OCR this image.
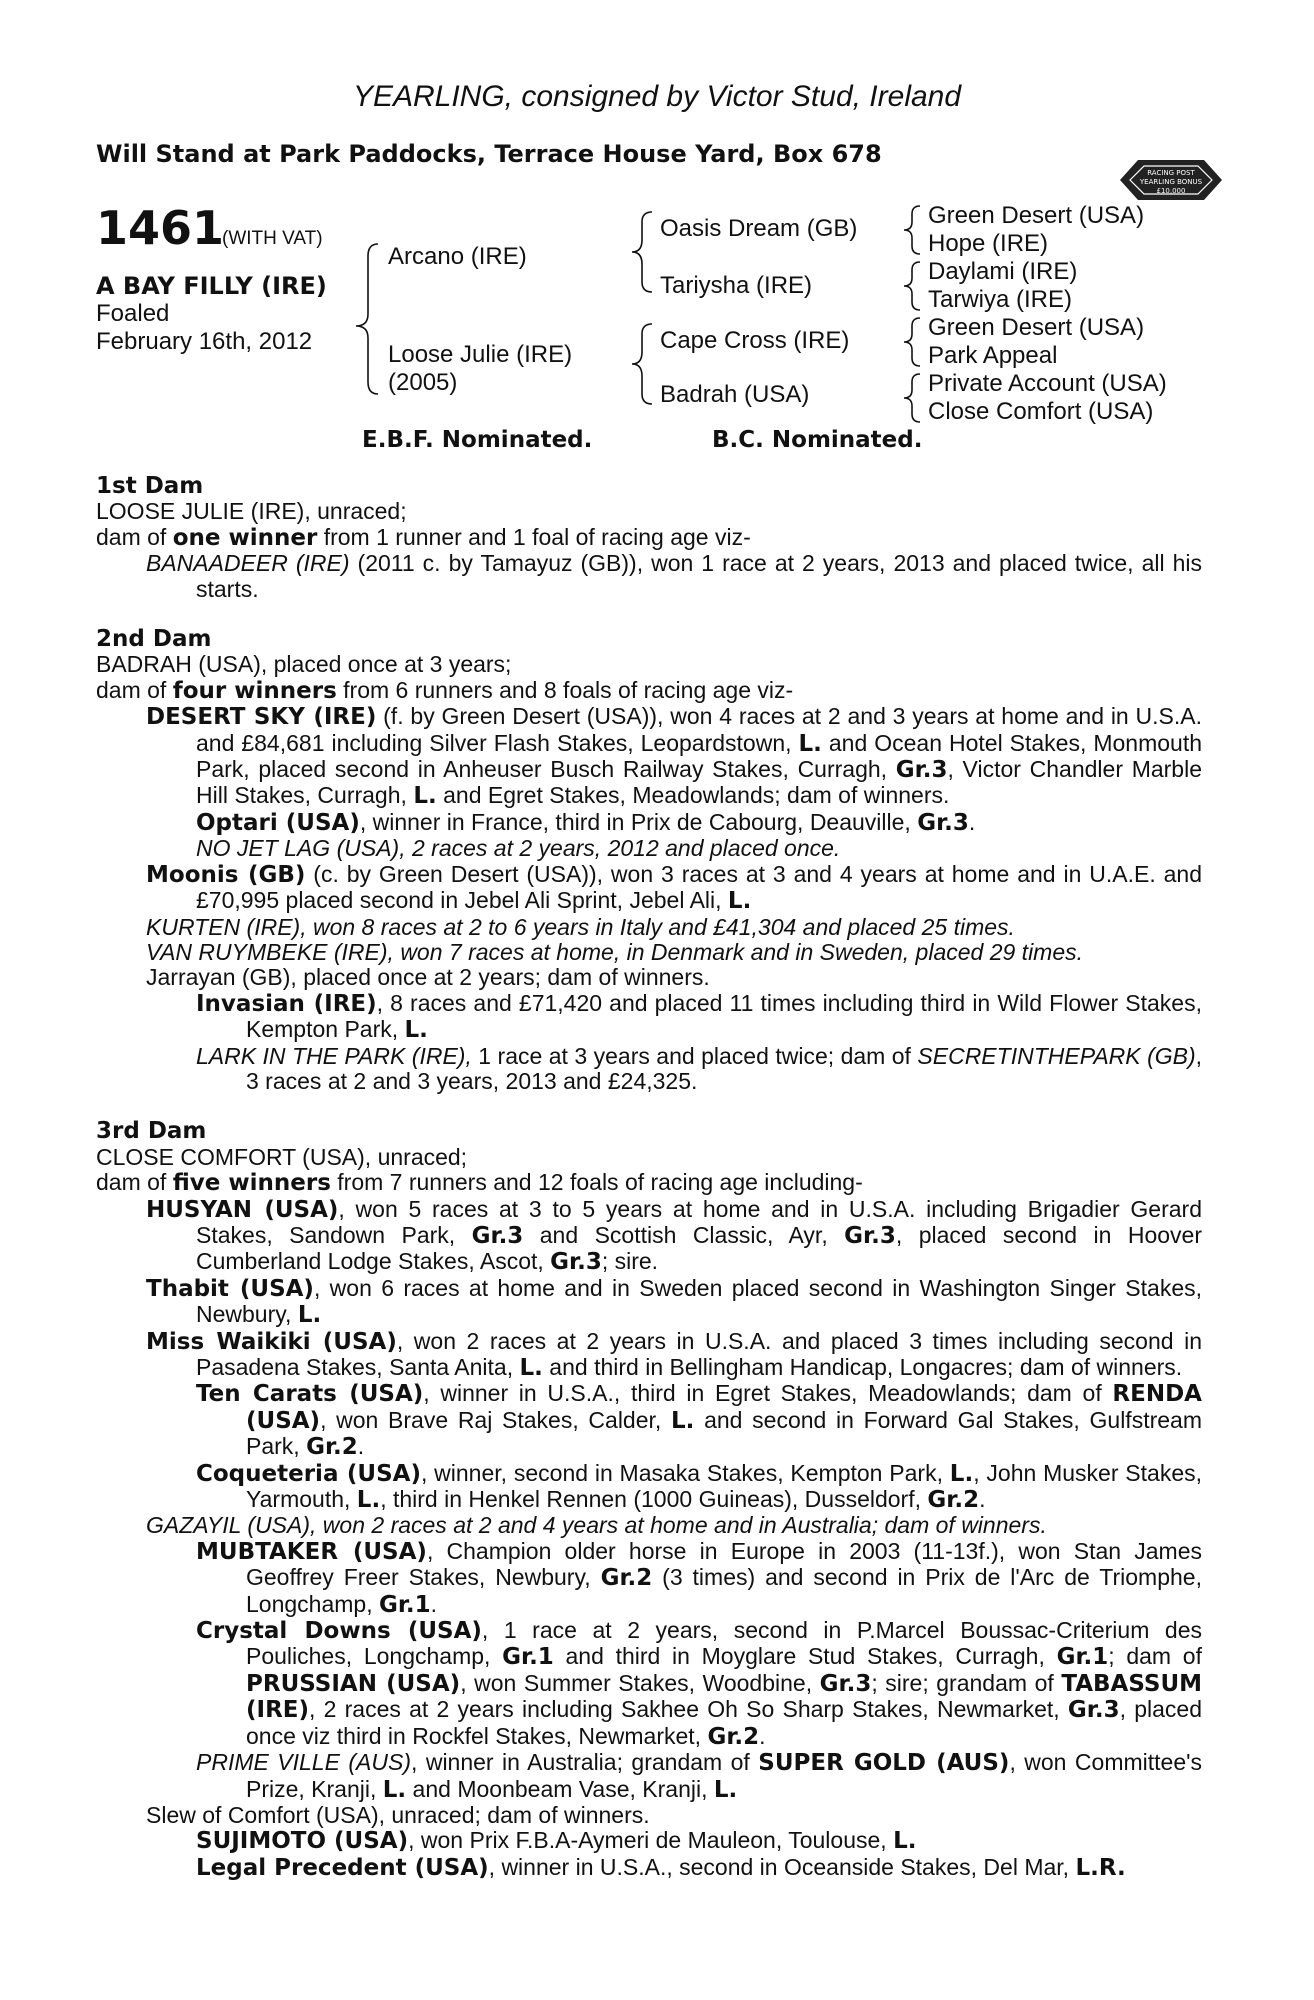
YEARLING, consigned by Victor Stud, Ireland
Will Stand at Park Paddocks, Terrace House Yard, Box 678
RACING POST
YEARLING BONUS
£10,000
1461
(WITH VAT)
A BAY FILLY (IRE)
Foaled
February 16th, 2012
Arcano (IRE)
Loose Julie (IRE)
(2005)
Oasis Dream (GB)
Tariysha (IRE)
Cape Cross (IRE)
Badrah (USA)
Green Desert (USA)
Hope (IRE)
Daylami (IRE)
Tarwiya (IRE)
Green Desert (USA)
Park Appeal
Private Account (USA)
Close Comfort (USA)
E.B.F. Nominated.	B.C. Nominated.

1st Dam

LOOSE JULIE (IRE), unraced;

dam of one winner from 1 runner and 1 foal of racing age viz-

BANAADEER (IRE) (2011 c. by Tamayuz (GB)), won 1 race at 2 years, 2013 and placed twice, all his starts.

2nd Dam

BADRAH (USA), placed once at 3 years;

dam of four winners from 6 runners and 8 foals of racing age viz-

DESERT SKY (IRE) (f. by Green Desert (USA)), won 4 races at 2 and 3 years at home and in U.S.A. and £84,681 including Silver Flash Stakes, Leopardstown, L. and Ocean Hotel Stakes, Monmouth Park, placed second in Anheuser Busch Railway Stakes, Curragh, Gr.3, Victor Chandler Marble Hill Stakes, Curragh, L. and Egret Stakes, Meadowlands; dam of winners.

Optari (USA), winner in France, third in Prix de Cabourg, Deauville, Gr.3.

NO JET LAG (USA), 2 races at 2 years, 2012 and placed once.

Moonis (GB) (c. by Green Desert (USA)), won 3 races at 3 and 4 years at home and in U.A.E. and £70,995 placed second in Jebel Ali Sprint, Jebel Ali, L.

KURTEN (IRE), won 8 races at 2 to 6 years in Italy and £41,304 and placed 25 times.

VAN RUYMBEKE (IRE), won 7 races at home, in Denmark and in Sweden, placed 29 times.

Jarrayan (GB), placed once at 2 years; dam of winners.

Invasian (IRE), 8 races and £71,420 and placed 11 times including third in Wild Flower Stakes, Kempton Park, L.

LARK IN THE PARK (IRE), 1 race at 3 years and placed twice; dam of SECRETINTHEPARK (GB), 3 races at 2 and 3 years, 2013 and £24,325.

3rd Dam

CLOSE COMFORT (USA), unraced;

dam of five winners from 7 runners and 12 foals of racing age including-

HUSYAN (USA), won 5 races at 3 to 5 years at home and in U.S.A. including Brigadier Gerard Stakes, Sandown Park, Gr.3 and Scottish Classic, Ayr, Gr.3, placed second in Hoover Cumberland Lodge Stakes, Ascot, Gr.3; sire.

Thabit (USA), won 6 races at home and in Sweden placed second in Washington Singer Stakes, Newbury, L.

Miss Waikiki (USA), won 2 races at 2 years in U.S.A. and placed 3 times including second in Pasadena Stakes, Santa Anita, L. and third in Bellingham Handicap, Longacres; dam of winners.

Ten Carats (USA), winner in U.S.A., third in Egret Stakes, Meadowlands; dam of RENDA (USA), won Brave Raj Stakes, Calder, L. and second in Forward Gal Stakes, Gulfstream Park, Gr.2.

Coqueteria (USA), winner, second in Masaka Stakes, Kempton Park, L., John Musker Stakes, Yarmouth, L., third in Henkel Rennen (1000 Guineas), Dusseldorf, Gr.2.

GAZAYIL (USA), won 2 races at 2 and 4 years at home and in Australia; dam of winners.

MUBTAKER (USA), Champion older horse in Europe in 2003 (11-13f.), won Stan James Geoffrey Freer Stakes, Newbury, Gr.2 (3 times) and second in Prix de l'Arc de Triomphe, Longchamp, Gr.1.

Crystal Downs (USA), 1 race at 2 years, second in P.Marcel Boussac-Criterium des Pouliches, Longchamp, Gr.1 and third in Moyglare Stud Stakes, Curragh, Gr.1; dam of PRUSSIAN (USA), won Summer Stakes, Woodbine, Gr.3; sire; grandam of TABASSUM (IRE), 2 races at 2 years including Sakhee Oh So Sharp Stakes, Newmarket, Gr.3, placed once viz third in Rockfel Stakes, Newmarket, Gr.2.

PRIME VILLE (AUS), winner in Australia; grandam of SUPER GOLD (AUS), won Committee's Prize, Kranji, L. and Moonbeam Vase, Kranji, L.

Slew of Comfort (USA), unraced; dam of winners.

SUJIMOTO (USA), won Prix F.B.A-Aymeri de Mauleon, Toulouse, L.

Legal Precedent (USA), winner in U.S.A., second in Oceanside Stakes, Del Mar, L.R.
